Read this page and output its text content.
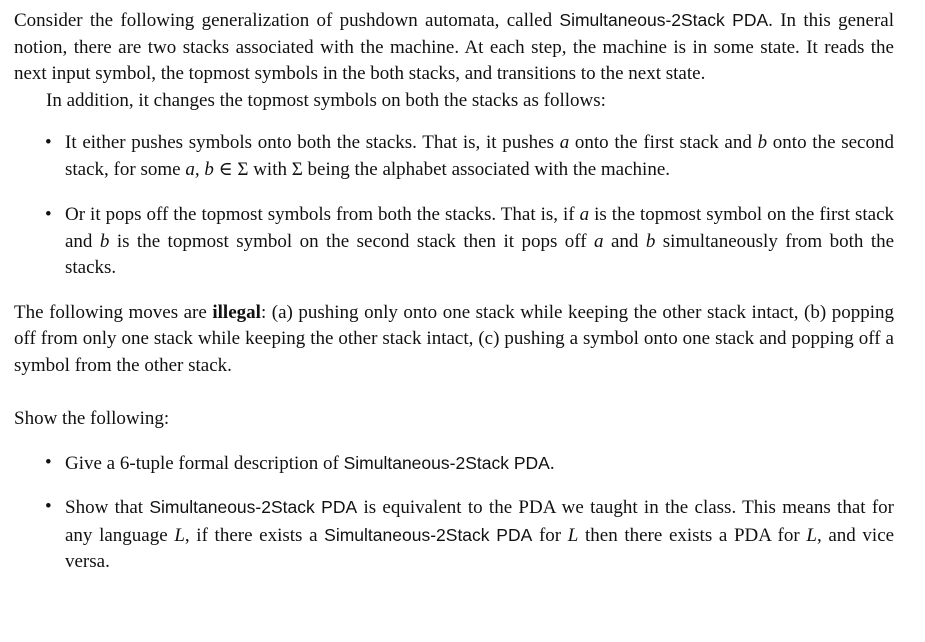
Consider the following generalization of pushdown automata, called Simultaneous-2Stack PDA. In this general notion, there are two stacks associated with the machine. At each step, the machine is in some state. It reads the next input symbol, the topmost symbols in the both stacks, and transitions to the next state.

In addition, it changes the topmost symbols on both the stacks as follows:

• It either pushes symbols onto both the stacks. That is, it pushes a onto the first stack and b onto the second stack, for some a, b ∈ Σ with Σ being the alphabet associated with the machine.
• Or it pops off the topmost symbols from both the stacks. That is, if a is the topmost symbol on the first stack and b is the topmost symbol on the second stack then it pops off a and b simultaneously from both the stacks.

The following moves are illegal: (a) pushing only onto one stack while keeping the other stack intact, (b) popping off from only one stack while keeping the other stack intact, (c) pushing a symbol onto one stack and popping off a symbol from the other stack.

Show the following:

• Give a 6-tuple formal description of Simultaneous-2Stack PDA.
• Show that Simultaneous-2Stack PDA is equivalent to the PDA we taught in the class. This means that for any language L, if there exists a Simultaneous-2Stack PDA for L then there exists a PDA for L, and vice versa.
